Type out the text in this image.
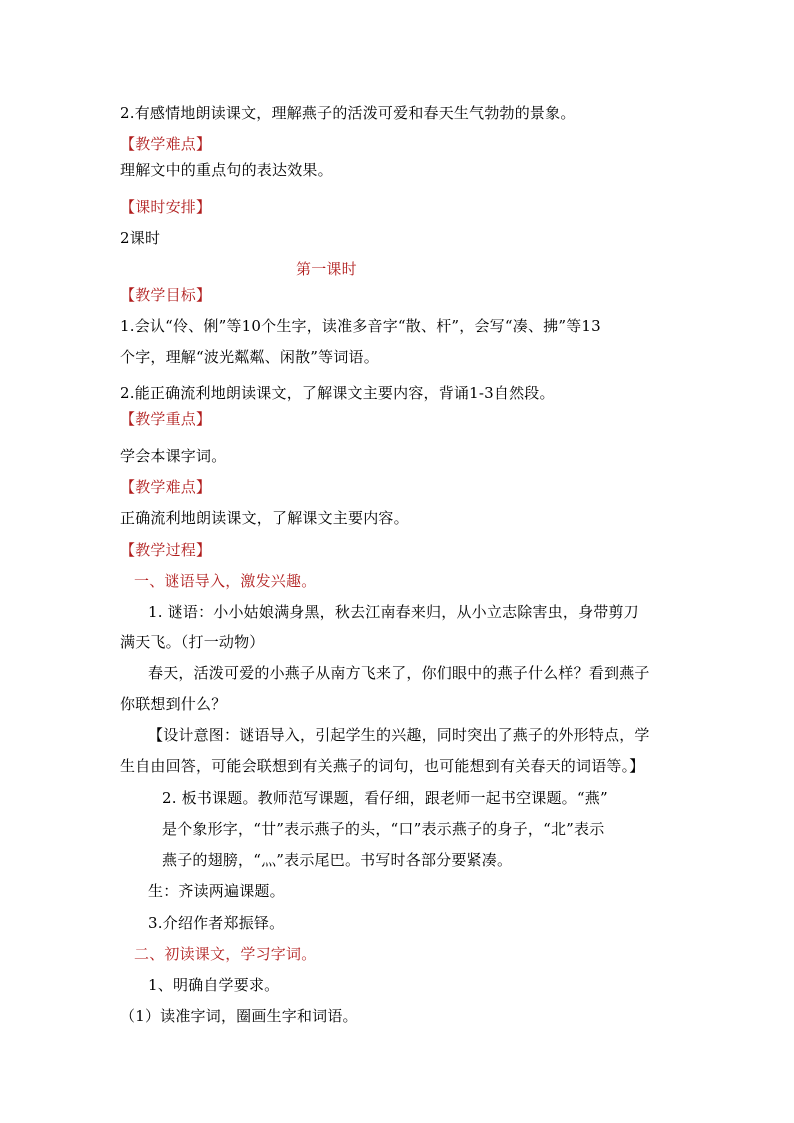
2.有感情地朗读课文，理解燕子的活泼可爱和春天生气勃勃的景象。
【教学难点】
理解文中的重点句的表达效果。
【课时安排】
2课时
第一课时
【教学目标】
1.会认“伶、俐”等10个生字，读准多音字“散、杆”，会写“凑、拂”等13
个字，理解“波光粼粼、闲散”等词语。
2.能正确流利地朗读课文，了解课文主要内容，背诵1-3自然段。
【教学重点】
学会本课字词。
【教学难点】
正确流利地朗读课文，了解课文主要内容。
【教学过程】
一、谜语导入，激发兴趣。
1. 谜语：小小姑娘满身黑，秋去江南春来归，从小立志除害虫，身带剪刀
满天飞。（打一动物）
春天，活泼可爱的小燕子从南方飞来了，你们眼中的燕子什么样？看到燕子
你联想到什么？
【设计意图：谜语导入，引起学生的兴趣，同时突出了燕子的外形特点，学
生自由回答，可能会联想到有关燕子的词句，也可能想到有关春天的词语等。】
2. 板书课题。教师范写课题，看仔细，跟老师一起书空课题。“燕”
是个象形字，“廿”表示燕子的头，“口”表示燕子的身子，“北”表示
燕子的翅膀，“灬”表示尾巴。书写时各部分要紧凑。
生：齐读两遍课题。
3.介绍作者郑振铎。
二、初读课文，学习字词。
1、明确自学要求。
（1）读准字词，圈画生字和词语。
